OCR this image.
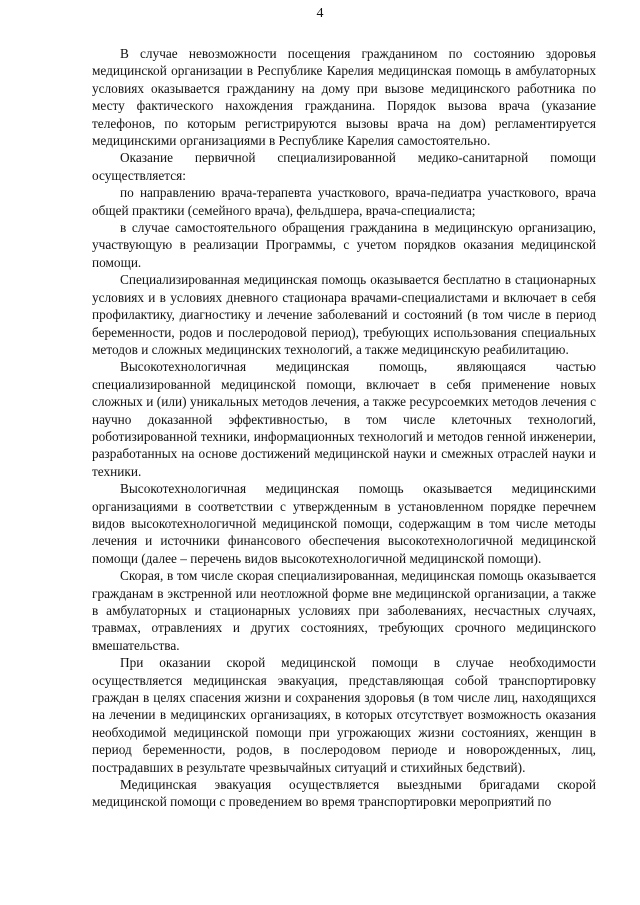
4

В случае невозможности посещения гражданином по состоянию здоровья медицинской организации в Республике Карелия медицинская помощь в амбулаторных условиях оказывается гражданину на дому при вызове медицинского работника по месту фактического нахождения гражданина. Порядок вызова врача (указание телефонов, по которым регистрируются вызовы врача на дом) регламентируется медицинскими организациями в Республике Карелия самостоятельно.

Оказание первичной специализированной медико-санитарной помощи осуществляется:

по направлению врача-терапевта участкового, врача-педиатра участкового, врача общей практики (семейного врача), фельдшера, врача-специалиста;

в случае самостоятельного обращения гражданина в медицинскую организацию, участвующую в реализации Программы, с учетом порядков оказания медицинской помощи.

Специализированная медицинская помощь оказывается бесплатно в стационарных условиях и в условиях дневного стационара врачами-специалистами и включает в себя профилактику, диагностику и лечение заболеваний и состояний (в том числе в период беременности, родов и послеродовой период), требующих использования специальных методов и сложных медицинских технологий, а также медицинскую реабилитацию.

Высокотехнологичная медицинская помощь, являющаяся частью специализированной медицинской помощи, включает в себя применение новых сложных и (или) уникальных методов лечения, а также ресурсоемких методов лечения с научно доказанной эффективностью, в том числе клеточных технологий, роботизированной техники, информационных технологий и методов генной инженерии, разработанных на основе достижений медицинской науки и смежных отраслей науки и техники.

Высокотехнологичная медицинская помощь оказывается медицинскими организациями в соответствии с утвержденным в установленном порядке перечнем видов высокотехнологичной медицинской помощи, содержащим в том числе методы лечения и источники финансового обеспечения высокотехнологичной медицинской помощи (далее – перечень видов высокотехнологичной медицинской помощи).

Скорая, в том числе скорая специализированная, медицинская помощь оказывается гражданам в экстренной или неотложной форме вне медицинской организации, а также в амбулаторных и стационарных условиях при заболеваниях, несчастных случаях, травмах, отравлениях и других состояниях, требующих срочного медицинского вмешательства.

При оказании скорой медицинской помощи в случае необходимости осуществляется медицинская эвакуация, представляющая собой транспортировку граждан в целях спасения жизни и сохранения здоровья (в том числе лиц, находящихся на лечении в медицинских организациях, в которых отсутствует возможность оказания необходимой медицинской помощи при угрожающих жизни состояниях, женщин в период беременности, родов, в послеродовом периоде и новорожденных, лиц, пострадавших в результате чрезвычайных ситуаций и стихийных бедствий).

Медицинская эвакуация осуществляется выездными бригадами скорой медицинской помощи с проведением во время транспортировки мероприятий по
